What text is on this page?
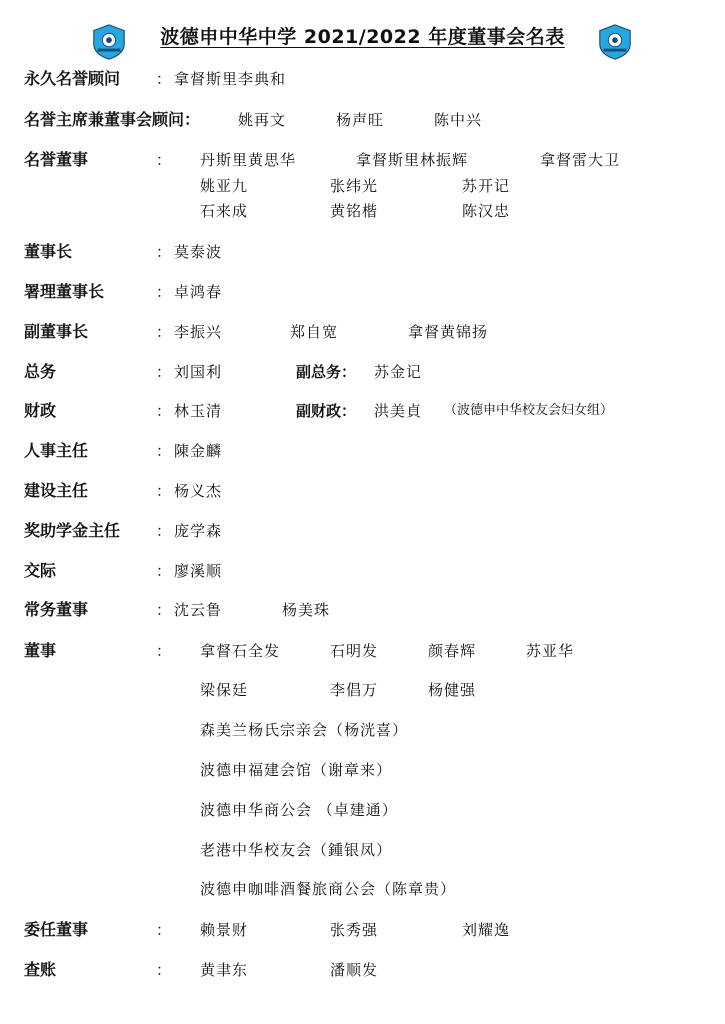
波德申中华中学 2021/2022 年度董事会名表
永久名誉顾问 ： 拿督斯里李典和
名誉主席兼董事会顾问：	姚再文	杨声旺	陈中兴
名誉董事	： 丹斯里黄思华	拿督斯里林振辉	拿督雷大卫
姚亚九	张纬光	苏开记
石来成	黄铭楷	陈汉忠
董事长	： 莫泰波
署理董事长	： 卓鸿春
副董事长	： 李振兴	郑自宽	拿督黄锦扬
总务	： 刘国利	副总务： 苏金记
财政	： 林玉清	副财政： 洪美貞 （波德申中华校友会妇女组）
人事主任	： 陳金麟
建设主任	： 杨义杰
奖助学金主任 ： 庞学森
交际	： 廖溪顺
常务董事	： 沈云鲁	杨美珠
董事	： 拿督石全发	石明发	颜春辉	苏亚华
梁保廷	李倡万	杨健强
森美兰杨氏宗亲会（杨洸喜）
波德申福建会馆（谢章来）
波德申华商公会 （卓建通）
老港中华校友会（鍾银凤）
波德申咖啡酒餐旅商公会（陈章贵）
委任董事	： 赖景财	张秀强	刘耀逸
查账	： 黄聿东	潘顺发
